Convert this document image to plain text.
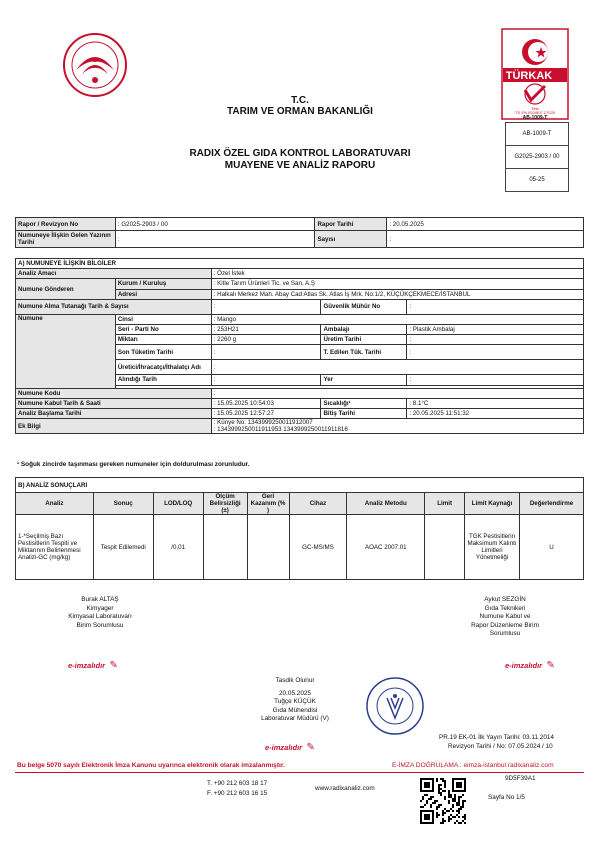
TÜRKAK
Test
TS EN ISO/IEC 17025
AB-1009-T
AB-1009-T
G2025-2903 / 00
05-25
T.C.
TARIM VE ORMAN BAKANLIĞI
RADIX ÖZEL GIDA KONTROL LABORATUVARI
MUAYENE VE ANALİZ RAPORU
Rapor / Revizyon No	: G2025-2903 / 00	Rapor Tarihi	: 20.05.2025
Numuneye İlişkin Gelen Yazının Tarihi	:	Sayısı	:
A) NUMUNEYE İLİŞKİN BİLGİLER				
Analiz Amacı		: Özel İstek		
Numune Gönderen	Kurum / Kuruluş	: Kitle Tarım Ürünleri Tic. ve San. A.Ş		
	Adresi	: Halkalı Merkez Mah. Abay Cad Atlas Sk. Atlas İş Mrk. No:1/2, KÜÇÜKÇEKMECE/İSTANBUL		
Numune Alma Tutanağı Tarih & Sayısı		:	Güvenlik Mühür No	:
Numune	Cinsi	: Mango		
	Seri - Parti No	: 253H21	Ambalajı	: Plastik Ambalaj
	Miktarı	: 2260 g	Üretim Tarihi	:
	Son Tüketim Tarihi	:	T. Edilen Tük. Tarihi	:
	Üretici/İhracatçı/İthalatçı Adı	:		
	Alındığı Tarih	:	Yer	:

Numune Kodu		:		
Numune Kabul Tarih & Saati		: 15.05.2025 10:54:03	Sıcaklığı¹	: 8.1°C
Analiz Başlama Tarihi		: 15.05.2025 12:57:27	Bitiş Tarihi	: 20.05.2025 11:51:32
Ek Bilgi		: Künye No: 1343999250011912007
: 1343999250011911953 1343999250011911816		
¹ Soğuk zincirde taşınması gereken numuneler için doldurulması zorunludur.
B) ANALİZ SONUÇLARI									
Analiz	Sonuç	LOD/LOQ	Ölçüm Belirsizliği (±)	Geri Kazanım (% )	Cihaz	Analiz Metodu	Limit	Limit Kaynağı	Değerlendirme
1-*Seçilmiş Bazı Pestisitlerin Tespiti ve Miktarının Belirlenmesi Analizi-GC (mg/kg)	Tespit Edilemedi	/0,01			GC-MS/MS	AOAC 2007.01		TGK Pestisitlerin Maksimum Kalıntı Limitleri Yönetmeliği	U
Burak ALTAŞ
Kimyager
Kimyasal Laboratuvarı
Birim Sorumlusu
e-imzalıdır ✎
Aykut SEZGİN
Gıda Teknikeri
Numune Kabul ve
Rapor Düzenleme Birim
Sorumlusu
e-imzalıdır ✎
Tasdik Olunur
20.05.2025
Tuğçe KÜÇÜK
Gıda Mühendisi
Laboratuvar Müdürü (V)
e-imzalıdır ✎
PR.19 EK-01 İlk Yayın Tarihi: 03.11.2014
Revizyon Tarihi / No: 07.05.2024 / 10
Bu belge 5070 sayılı Elektronik İmza Kanunu uyarınca elektronik olarak imzalanmıştır.	E-İMZA DOĞRULAMA : eimza-istanbul.radixanaliz.com
9D5F39A1
T. +90 212 603 18 17
F. +90 212 603 16 15
www.radixanaliz.com
Sayfa No 1/5
